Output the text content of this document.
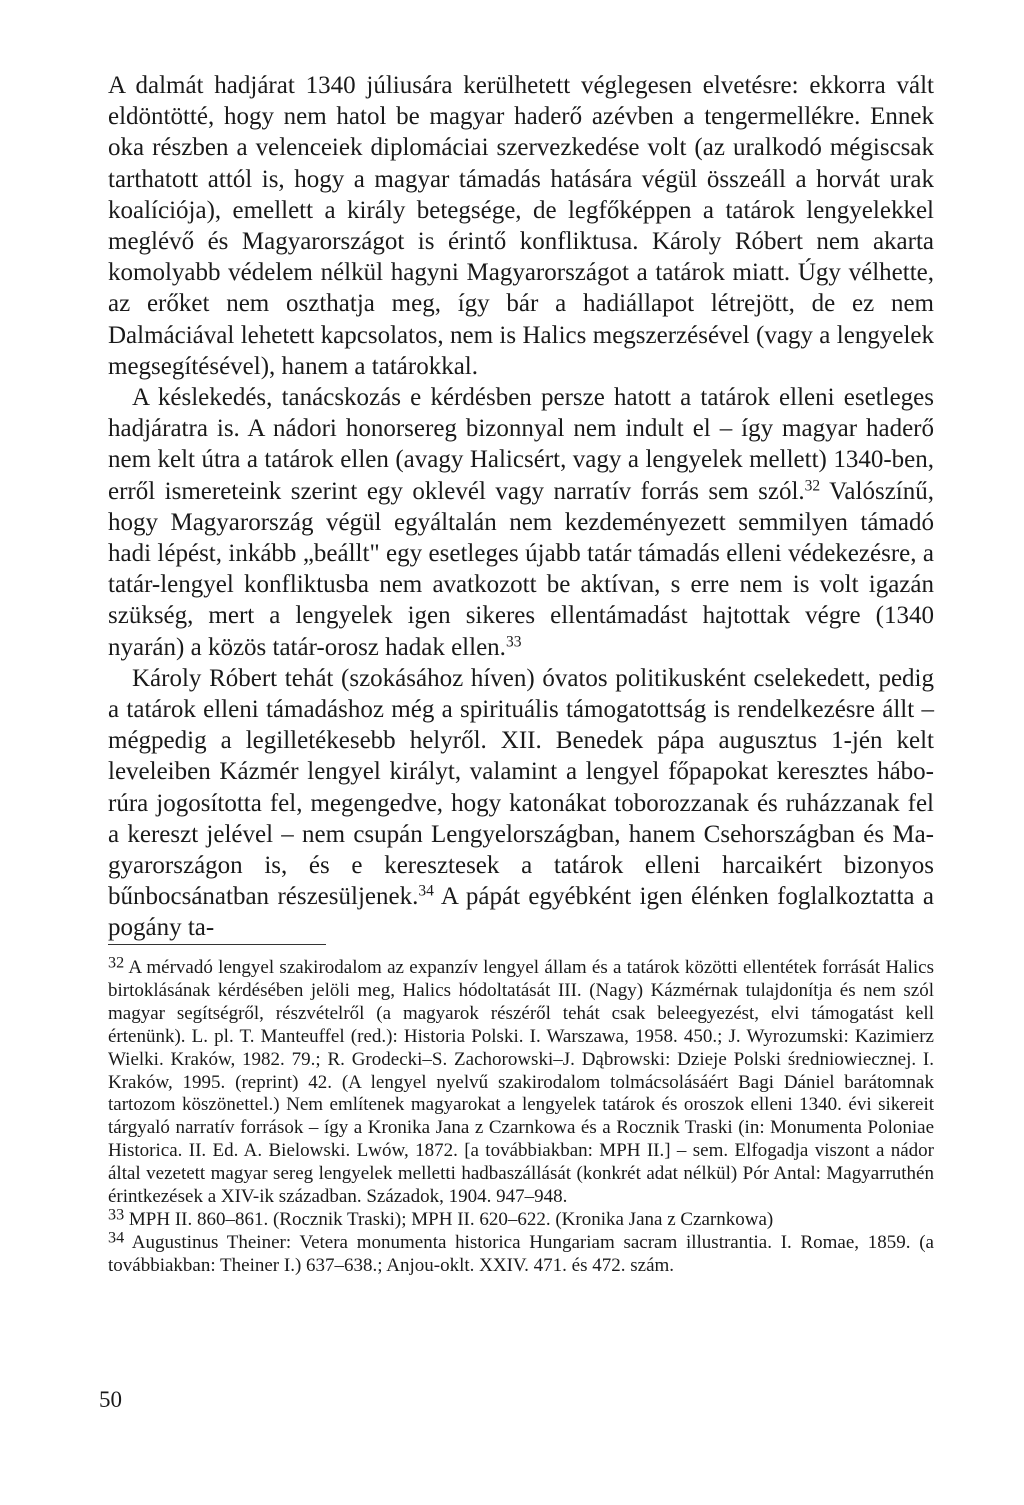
A dalmát hadjárat 1340 júliusára kerülhetett véglegesen elvetésre: ekkorra vált eldöntötté, hogy nem hatol be magyar haderő azévben a tengermellékre. Ennek oka részben a velenceiek diplomáciai szervezkedése volt (az uralkodó mégiscsak tarthatott attól is, hogy a magyar támadás hatására végül összeáll a horvát urak koalíciója), emellett a király betegsége, de legfőképpen a tatárok lengyelekkel meglévő és Magyarországot is érintő konfliktusa. Károly Róbert nem akarta komolyabb védelem nélkül hagyni Magyarországot a tatárok miatt. Úgy vélhette, az erőket nem oszthatja meg, így bár a hadiállapot létrejött, de ez nem Dalmáciával lehetett kapcsolatos, nem is Halics megszerzésével (vagy a lengyelek megsegítésével), hanem a tatárokkal.

A késlekedés, tanácskozás e kérdésben persze hatott a tatárok elleni esetleges hadjáratra is. A nádori honorsereg bizonnyal nem indult el – így magyar haderő nem kelt útra a tatárok ellen (avagy Halicsért, vagy a lengyelek mellett) 1340-ben, erről ismereteink szerint egy oklevél vagy narratív forrás sem szól.$^{32}$ Valószínű, hogy Magyarország végül egyáltalán nem kezdeményezett semmilyen támadó hadi lépést, inkább „beállt" egy esetleges újabb tatár támadás elleni védekezésre, a tatár-lengyel konfliktusba nem avatkozott be aktívan, s erre nem is volt igazán szükség, mert a lengyelek igen sikeres ellentámadást hajtottak végre (1340 nyarán) a közös tatár-orosz hadak ellen.$^{33}$

Károly Róbert tehát (szokásához híven) óvatos politikusként cselekedett, pedig a tatárok elleni támadáshoz még a spirituális támogatottság is rendelkezésre állt – mégpedig a legilletékesebb helyről. XII. Benedek pápa augusztus 1-jén kelt leveleiben Kázmér lengyel királyt, valamint a lengyel főpapokat keresztes háborúra jogosította fel, megengedve, hogy katonákat toborozzanak és ruházzanak fel a kereszt jelével – nem csupán Lengyelországban, hanem Csehországban és Magyarországon is, és e keresztesek a tatárok elleni harcaikért bizonyos bűnbocsánatban részesüljenek.$^{34}$ A pápát egyébként igen élénken foglalkoztatta a pogány ta-

$^{32}$ A mérvadó lengyel szakirodalom az expanzív lengyel állam és a tatárok közötti ellentétek forrását Halics birtoklásának kérdésében jelöli meg, Halics hódoltatását III. (Nagy) Kázmérnak tulajdonítja és nem szól magyar segítségről, részvételről (a magyarok részéről tehát csak beleegyezést, elvi támogatást kell értenünk). L. pl. T. Manteuffel (red.): Historia Polski. I. Warszawa, 1958. 450.; J. Wyrozumski: Kazimierz Wielki. Kraków, 1982. 79.; R. Grodecki–S. Zachorowski–J. Dąbrowski: Dzieje Polski średniowiecznej. I. Kraków, 1995. (reprint) 42. (A lengyel nyelvű szakirodalom tolmácsolásáért Bagi Dániel barátomnak tartozom köszönettel.) Nem említenek magyarokat a lengyelek tatárok és oroszok elleni 1340. évi sikereit tárgyaló narratív források – így a Kronika Jana z Czarnkowa és a Rocznik Traski (in: Monumenta Poloniae Historica. II. Ed. A. Bielowski. Lwów, 1872. [a továbbiakban: MPH II.] – sem. Elfogadja viszont a nádor által vezetett magyar sereg lengyelek melletti hadbaszállását (konkrét adat nélkül) Pór Antal: Magyarruthén érintkezések a XIV-ik században. Századok, 1904. 947–948.

$^{33}$ MPH II. 860–861. (Rocznik Traski); MPH II. 620–622. (Kronika Jana z Czarnkowa)

$^{34}$ Augustinus Theiner: Vetera monumenta historica Hungariam sacram illustrantia. I. Romae, 1859. (a továbbiakban: Theiner I.) 637–638.; Anjou-oklt. XXIV. 471. és 472. szám.

50
